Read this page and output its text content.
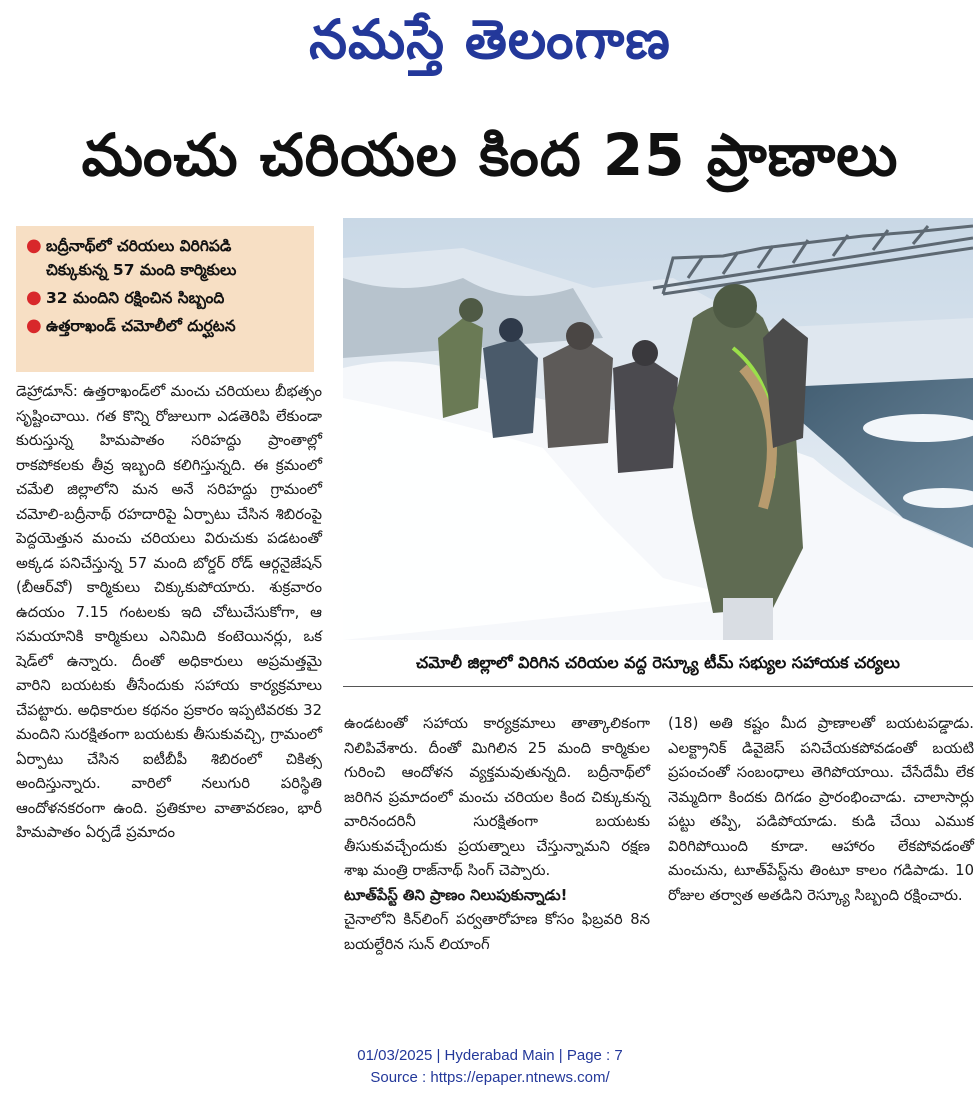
నమస్తే తెలంగాణ
మంచు చరియల కింద 25 ప్రాణాలు
● బద్రీనాథ్‌లో చరియలు విరిగిపడి
చిక్కుకున్న 57 మంది కార్మికులు
● 32 మందిని రక్షించిన సిబ్బంది
● ఉత్తరాఖండ్ చమోలీలో దుర్ఘటన
చమోలీ జిల్లాలో విరిగిన చరియల వద్ద రెస్క్యూ టీమ్ సభ్యుల సహాయక చర్యలు

డెహ్రాడూన్: ఉత్తరాఖండ్‌లో మంచు చరియలు బీభత్సం సృష్టించాయి. గత కొన్ని రోజులుగా ఎడతెరిపి లేకుండా కురుస్తున్న హిమపాతం సరిహద్దు ప్రాంతాల్లో రాకపోకలకు తీవ్ర ఇబ్బంది కలిగిస్తున్నది. ఈ క్రమంలో చమేలి జిల్లాలోని మన అనే సరిహద్దు గ్రామంలో చమోలి-బద్రీనాథ్ రహదారిపై ఏర్పాటు చేసిన శిబిరంపై పెద్దయెత్తున మంచు చరియలు విరుచుకు పడటంతో అక్కడ పనిచేస్తున్న 57 మంది బోర్డర్ రోడ్ ఆర్గనైజేషన్ (బీఆర్‌వో) కార్మికులు చిక్కుకుపోయారు. శుక్రవారం ఉదయం 7.15 గంటలకు ఇది చోటుచేసుకోగా, ఆ సమయానికి కార్మికులు ఎనిమిది కంటెయినర్లు, ఒక షెడ్‌లో ఉన్నారు. దీంతో అధికారులు అప్రమత్తమై వారిని బయటకు తీసేందుకు సహాయ కార్యక్రమాలు చేపట్టారు. అధికారుల కథనం ప్రకారం ఇప్పటివరకు 32 మందిని సురక్షితంగా బయటకు తీసుకువచ్చి, గ్రామంలో ఏర్పాటు చేసిన ఐటీబీపీ శిబిరంలో చికిత్స అందిస్తున్నారు. వారిలో నలుగురి పరిస్థితి ఆందోళనకరంగా ఉంది. ప్రతికూల వాతావరణం, భారీ హిమపాతం ఏర్పడే ప్రమాదం

ఉండటంతో సహాయ కార్యక్రమాలు తాత్కాలికంగా నిలిపివేశారు. దీంతో మిగిలిన 25 మంది కార్మికుల గురించి ఆందోళన వ్యక్తమవుతున్నది. బద్రీనాథ్‌లో జరిగిన ప్రమాదంలో మంచు చరియల కింద చిక్కుకున్న వారినందరినీ సురక్షితంగా బయటకు తీసుకువచ్చేందుకు ప్రయత్నాలు చేస్తున్నామని రక్షణ శాఖ మంత్రి రాజ్‌నాథ్ సింగ్ చెప్పారు.

టూత్‌పేస్ట్ తిని ప్రాణం నిలుపుకున్నాడు!

చైనాలోని కిన్‌లింగ్ పర్వతారోహణ కోసం ఫిబ్రవరి 8న బయల్దేరిన సున్ లియాంగ్

(18) అతి కష్టం మీద ప్రాణాలతో బయటపడ్డాడు. ఎలక్ట్రానిక్ డివైజెస్ పనిచేయకపోవడంతో బయటి ప్రపంచంతో సంబంధాలు తెగిపోయాయి. చేసేదేమీ లేక నెమ్మదిగా కిందకు దిగడం ప్రారంభించాడు. చాలాసార్లు పట్టు తప్పి, పడిపోయాడు. కుడి చేయి ఎముక విరిగిపోయింది కూడా. ఆహారం లేకపోవడంతో మంచును, టూత్‌పేస్ట్‌ను తింటూ కాలం గడిపాడు. 10 రోజుల తర్వాత అతడిని రెస్క్యూ సిబ్బంది రక్షించారు.

01/03/2025 | Hyderabad Main | Page : 7
Source : https://epaper.ntnews.com/
